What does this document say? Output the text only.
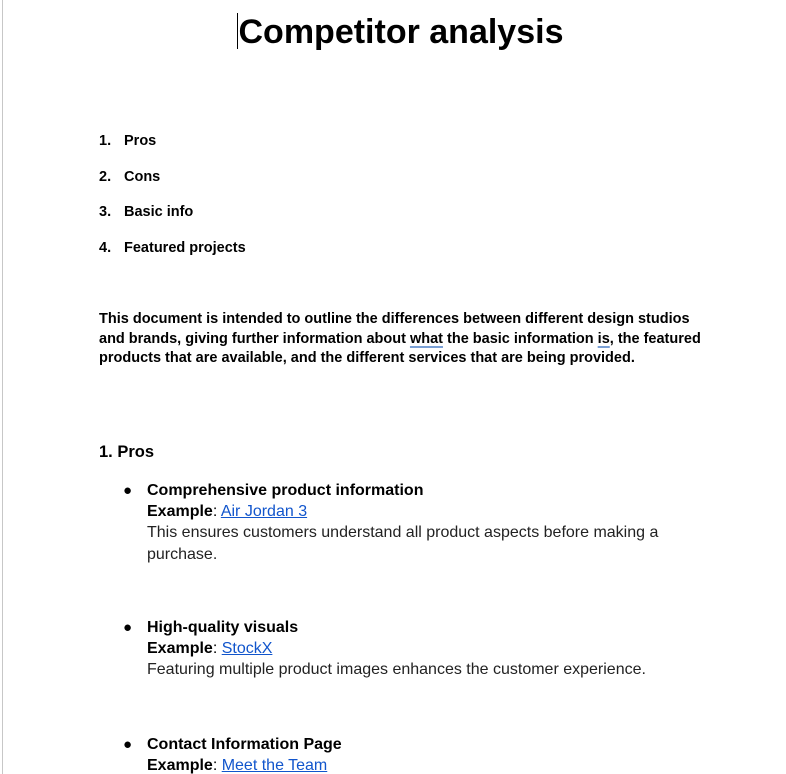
Competitor analysis
1. Pros
2. Cons
3. Basic info
4. Featured projects

This document is intended to outline the differences between different design studios and brands, giving further information about what the basic information is, the featured products that are available, and the different services that are being provided.

1. Pros
● Comprehensive product information
Example: Air Jordan 3
This ensures customers understand all product aspects before making a purchase.
● High-quality visuals
Example: StockX
Featuring multiple product images enhances the customer experience.
● Contact Information Page
Example: Meet the Team
